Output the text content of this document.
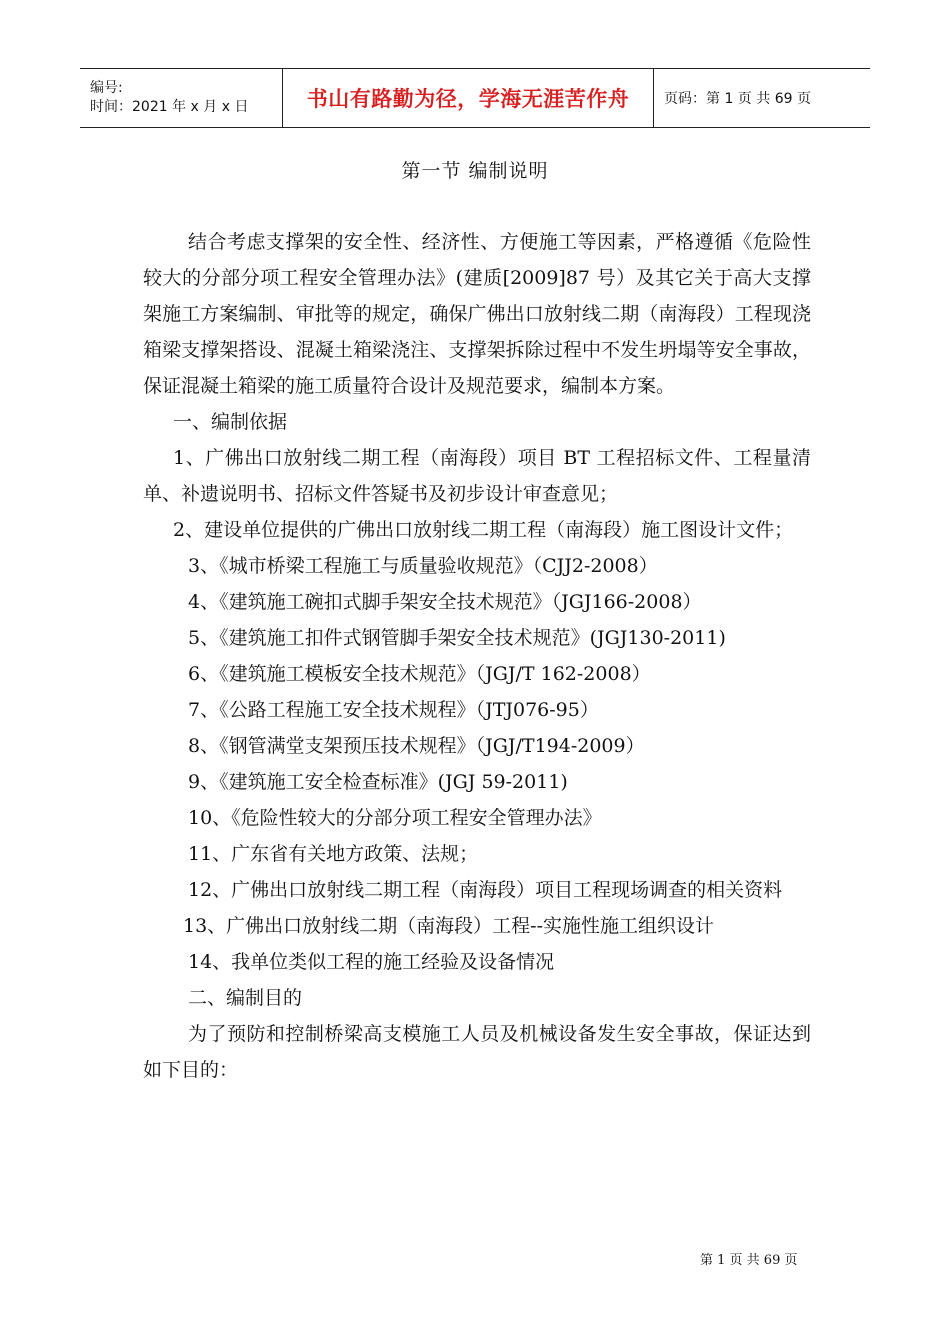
编号:
时间：2021 年 x 月 x 日	书山有路勤为径，学海无涯苦作舟 页码：第 1 页 共 69 页
第一节 编制说明

结合考虑支撑架的安全性、经济性、方便施工等因素，严格遵循《危险性较大的分部分项工程安全管理办法》(建质[2009]87 号）及其它关于高大支撑架施工方案编制、审批等的规定，确保广佛出口放射线二期（南海段）工程现浇箱梁支撑架搭设、混凝土箱梁浇注、支撑架拆除过程中不发生坍塌等安全事故，保证混凝土箱梁的施工质量符合设计及规范要求，编制本方案。

一、编制依据

1、广佛出口放射线二期工程（南海段）项目 BT 工程招标文件、工程量清单、补遗说明书、招标文件答疑书及初步设计审查意见；

2、建设单位提供的广佛出口放射线二期工程（南海段）施工图设计文件；

3、《城市桥梁工程施工与质量验收规范》（CJJ2-2008）

4、《建筑施工碗扣式脚手架安全技术规范》（JGJ166-2008）

5、《建筑施工扣件式钢管脚手架安全技术规范》(JGJ130-2011)

6、《建筑施工模板安全技术规范》（JGJ/T 162-2008）

7、《公路工程施工安全技术规程》（JTJ076-95）

8、《钢管满堂支架预压技术规程》（JGJ/T194-2009）

9、《建筑施工安全检查标准》(JGJ 59-2011)

10、《危险性较大的分部分项工程安全管理办法》

11、广东省有关地方政策、法规；

12、广佛出口放射线二期工程（南海段）项目工程现场调查的相关资料

13、广佛出口放射线二期（南海段）工程--实施性施工组织设计

14、我单位类似工程的施工经验及设备情况

二、编制目的

为了预防和控制桥梁高支模施工人员及机械设备发生安全事故，保证达到如下目的：

第 1 页 共 69 页
